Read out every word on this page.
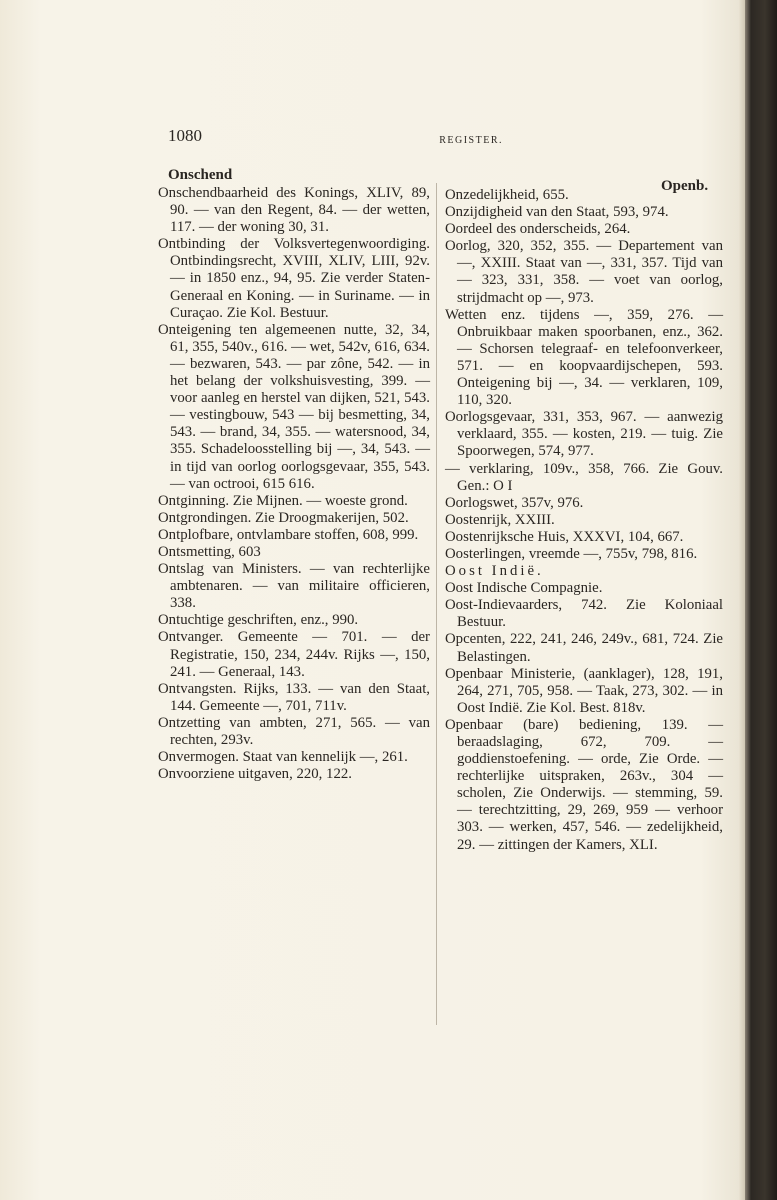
1080	REGISTER.
Onschend
Openb.

Onschendbaarheid des Konings, XLIV, 89, 90. — van den Regent, 84. — der wetten, 117. — der woning 30, 31.

Ontbinding der Volksvertegenwoordiging. Ontbindingsrecht, XVIII, XLIV, LIII, 92v. — in 1850 enz., 94, 95. Zie verder Staten-Generaal en Koning. — in Suriname. — in Curaçao. Zie Kol. Bestuur.

Onteigening ten algemeenen nutte, 32, 34, 61, 355, 540v., 616. — wet, 542v, 616, 634. — bezwaren, 543. — par zône, 542. — in het belang der volkshuisvesting, 399. — voor aanleg en herstel van dijken, 521, 543. — vestingbouw, 543 — bij besmetting, 34, 543. — brand, 34, 355. — watersnood, 34, 355. Schadeloosstelling bij —, 34, 543. — in tijd van oorlog oorlogsgevaar, 355, 543. — van octrooi, 615 616.

Ontginning. Zie Mijnen. — woeste grond.

Ontgrondingen. Zie Droogmakerijen, 502.

Ontplofbare, ontvlambare stoffen, 608, 999.

Ontsmetting, 603

Ontslag van Ministers. — van rechterlijke ambtenaren. — van militaire officieren, 338.

Ontuchtige geschriften, enz., 990.

Ontvanger. Gemeente — 701. — der Registratie, 150, 234, 244v. Rijks —, 150, 241. — Generaal, 143.

Ontvangsten. Rijks, 133. — van den Staat, 144. Gemeente —, 701, 711v.

Ontzetting van ambten, 271, 565. — van rechten, 293v.

Onvermogen. Staat van kennelijk —, 261.

Onvoorziene uitgaven, 220, 122.

Onzedelijkheid, 655.

Onzijdigheid van den Staat, 593, 974.

Oordeel des onderscheids, 264.

Oorlog, 320, 352, 355. — Departement van —, XXIII. Staat van —, 331, 357. Tijd van — 323, 331, 358. — voet van oorlog, strijdmacht op —, 973.

Wetten enz. tijdens —, 359, 276. — Onbruikbaar maken spoorbanen, enz., 362. — Schorsen telegraaf- en telefoonverkeer, 571. — en koopvaardijschepen, 593. Onteigening bij —, 34. — verklaren, 109, 110, 320.

Oorlogsgevaar, 331, 353, 967. — aanwezig verklaard, 355. — kosten, 219. — tuig. Zie Spoorwegen, 574, 977.

— verklaring, 109v., 358, 766. Zie Gouv. Gen.: O I

Oorlogswet, 357v, 976.

Oostenrijk, XXIII.

Oostenrijksche Huis, XXXVI, 104, 667.

Oosterlingen, vreemde —, 755v, 798, 816.

Oost Indië.

Oost Indische Compagnie.

Oost-Indievaarders, 742. Zie Koloniaal Bestuur.

Opcenten, 222, 241, 246, 249v., 681, 724. Zie Belastingen.

Openbaar Ministerie, (aanklager), 128, 191, 264, 271, 705, 958. — Taak, 273, 302. — in Oost Indië. Zie Kol. Best. 818v.

Openbaar (bare) bediening, 139. — beraadslaging, 672, 709. — goddienstoefening. — orde, Zie Orde. — rechterlijke uitspraken, 263v., 304 — scholen, Zie Onderwijs. — stemming, 59. — terechtzitting, 29, 269, 959 — verhoor 303. — werken, 457, 546. — zedelijkheid, 29. — zittingen der Kamers, XLI.
